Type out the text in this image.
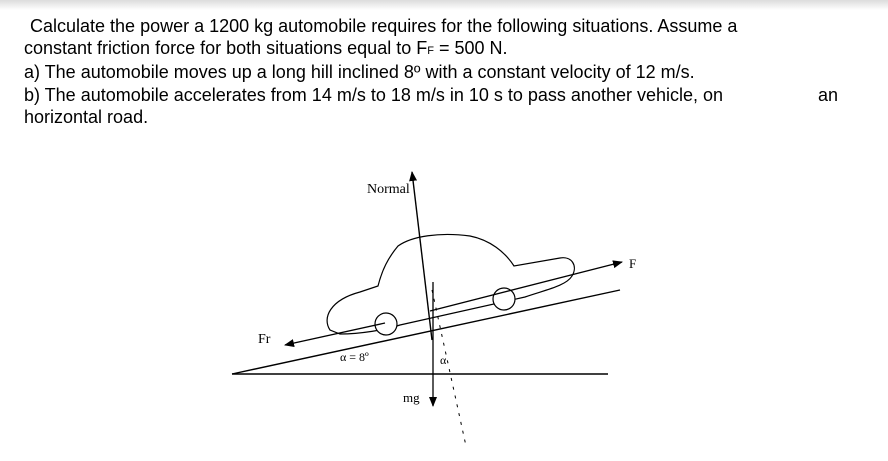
Calculate the power a 1200 kg automobile requires for the following situations. Assume a
constant friction force for both situations equal to FF = 500 N.
a) The automobile moves up a long hill inclined 8º with a constant velocity of 12 m/s.
b) The automobile accelerates from 14 m/s to 18 m/s in 10 s to pass another vehicle, on	an
horizontal road.
Normal
F
Fr
mg
α = 8º	α
